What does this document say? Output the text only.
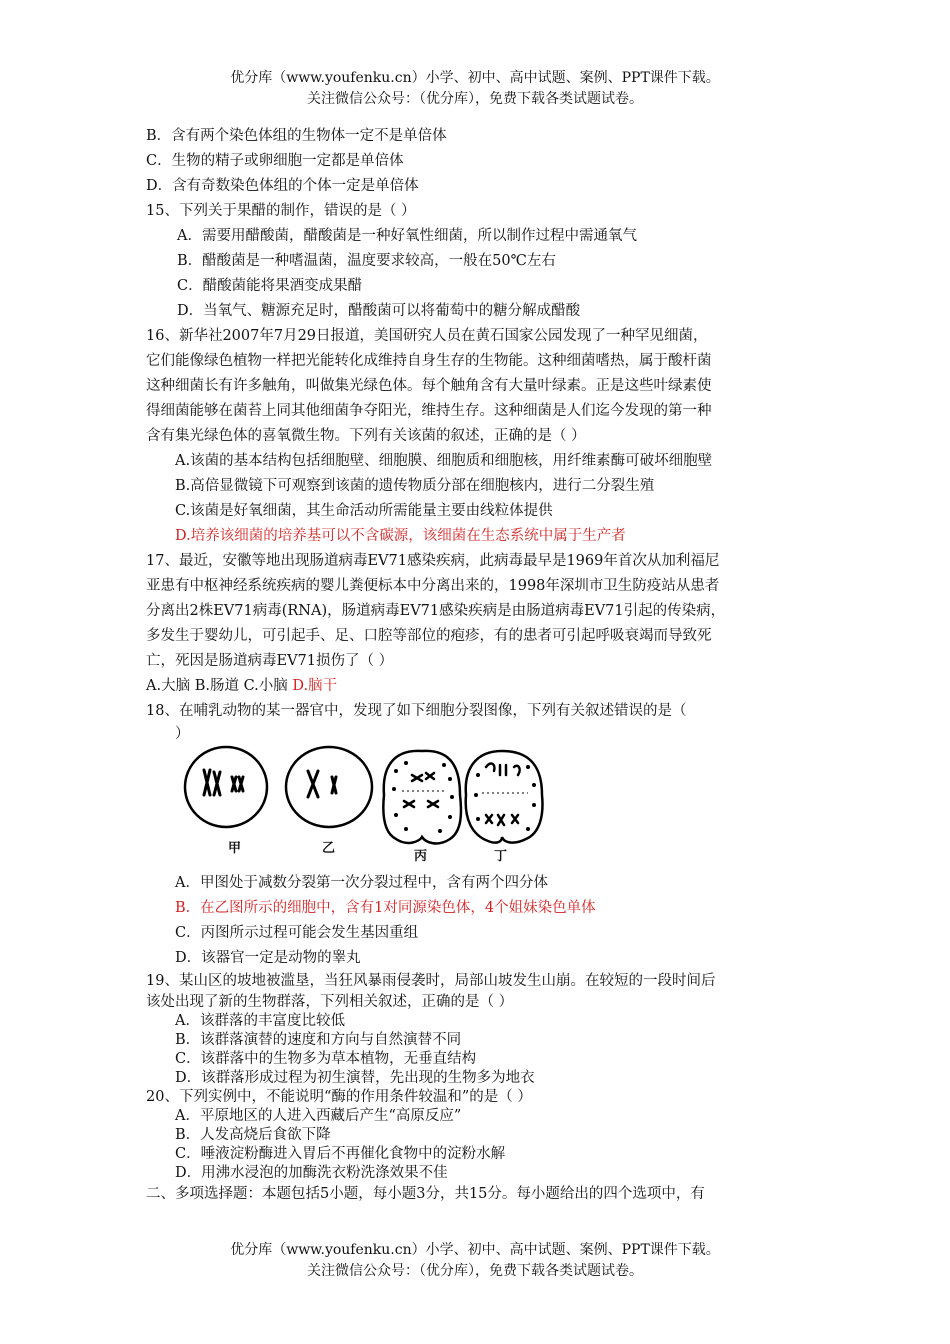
优分库（www.youfenku.cn）小学、初中、高中试题、案例、PPT课件下载。
关注微信公众号：（优分库），免费下载各类试题试卷。
B．含有两个染色体组的生物体一定不是单倍体
C．生物的精子或卵细胞一定都是单倍体
D．含有奇数染色体组的个体一定是单倍体
15、下列关于果醋的制作，错误的是（ ）
A．需要用醋酸菌，醋酸菌是一种好氧性细菌，所以制作过程中需通氧气
B．醋酸菌是一种嗜温菌，温度要求较高，一般在50℃左右
C．醋酸菌能将果酒变成果醋
D．当氧气、糖源充足时，醋酸菌可以将葡萄中的糖分解成醋酸
16、新华社2007年7月29日报道，美国研究人员在黄石国家公园发现了一种罕见细菌，
它们能像绿色植物一样把光能转化成维持自身生存的生物能。这种细菌嗜热，属于酸杆菌
这种细菌长有许多触角，叫做集光绿色体。每个触角含有大量叶绿素。正是这些叶绿素使
得细菌能够在菌苔上同其他细菌争夺阳光，维持生存。这种细菌是人们迄今发现的第一种
含有集光绿色体的喜氧微生物。下列有关该菌的叙述，正确的是（ ）
A.该菌的基本结构包括细胞壁、细胞膜、细胞质和细胞核，用纤维素酶可破坏细胞壁
B.高倍显微镜下可观察到该菌的遗传物质分部在细胞核内，进行二分裂生殖
C.该菌是好氧细菌，其生命活动所需能量主要由线粒体提供
D.培养该细菌的培养基可以不含碳源，该细菌在生态系统中属于生产者
17、最近，安徽等地出现肠道病毒EV71感染疾病，此病毒最早是1969年首次从加利福尼
亚患有中枢神经系统疾病的婴儿粪便标本中分离出来的，1998年深圳市卫生防疫站从患者
分离出2株EV71病毒(RNA)，肠道病毒EV71感染疾病是由肠道病毒EV71引起的传染病，
多发生于婴幼儿，可引起手、足、口腔等部位的疱疹，有的患者可引起呼吸衰竭而导致死
亡，死因是肠道病毒EV71损伤了（ ）
A.大脑 B.肠道 C.小脑 D.脑干
18、在哺乳动物的某一器官中，发现了如下细胞分裂图像，下列有关叙述错误的是（
）
甲	乙
丙	丁
A．甲图处于减数分裂第一次分裂过程中，含有两个四分体
B．在乙图所示的细胞中，含有1对同源染色体，4个姐妹染色单体
C．丙图所示过程可能会发生基因重组
D．该器官一定是动物的睾丸
19、某山区的坡地被滥垦，当狂风暴雨侵袭时，局部山坡发生山崩。在较短的一段时间后
该处出现了新的生物群落，下列相关叙述，正确的是（ ）
A．该群落的丰富度比较低
B．该群落演替的速度和方向与自然演替不同
C．该群落中的生物多为草本植物，无垂直结构
D．该群落形成过程为初生演替，先出现的生物多为地衣
20、下列实例中，不能说明“酶的作用条件较温和”的是（ ）
A．平原地区的人进入西藏后产生“高原反应”
B．人发高烧后食欲下降
C．唾液淀粉酶进入胃后不再催化食物中的淀粉水解
D．用沸水浸泡的加酶洗衣粉洗涤效果不佳
二、多项选择题：本题包括5小题，每小题3分，共15分。每小题给出的四个选项中，有
优分库（www.youfenku.cn）小学、初中、高中试题、案例、PPT课件下载。
关注微信公众号：（优分库），免费下载各类试题试卷。
